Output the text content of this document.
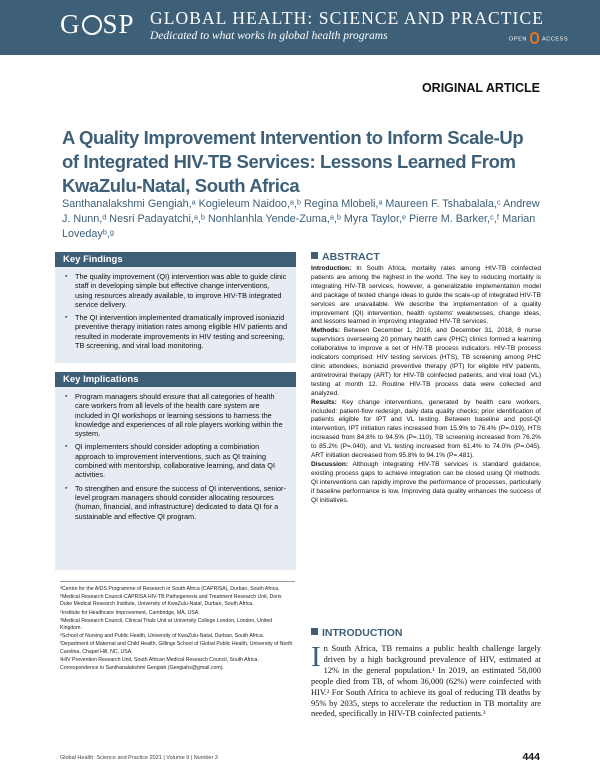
G SP GLOBAL HEALTH: SCIENCE AND PRACTICE
Dedicated to what works in global health programs	OPEN	ACCESS
ORIGINAL ARTICLE
A Quality Improvement Intervention to Inform Scale-Up of Integrated HIV-TB Services: Lessons Learned From KwaZulu-Natal, South Africa
Santhanalakshmi Gengiah,ᵃ Kogieleum Naidoo,ᵃ,ᵇ Regina Mlobeli,ᵃ Maureen F. Tshabalala,ᶜ Andrew J. Nunn,ᵈ Nesri Padayatchi,ᵃ,ᵇ Nonhlanhla Yende-Zuma,ᵃ,ᵇ Myra Taylor,ᵉ Pierre M. Barker,ᶜ,ᶠ Marian Lovedayᵇ,ᵍ
Key Findings
▪ The quality improvement (QI) intervention was able to guide clinic staff in developing simple but effective change interventions, using resources already available, to improve HIV-TB integrated service delivery.
▪ The QI intervention implemented dramatically improved isoniazid preventive therapy initiation rates among eligible HIV patients and resulted in moderate improvements in HIV testing and screening, TB screening, and viral load monitoring.
Key Implications
▪ Program managers should ensure that all categories of health care workers from all levels of the health care system are included in QI workshops or learning sessions to harness the knowledge and experiences of all role players working within the system.
▪ QI implementers should consider adopting a combination approach to improvement interventions, such as QI training combined with mentorship, collaborative learning, and data QI activities.
▪ To strengthen and ensure the success of QI interventions, senior-level program managers should consider allocating resources (human, financial, and infrastructure) dedicated to data QI for a sustainable and effective QI program.

ᵃCentre for the AIDS Programme of Research in South Africa (CAPRISA), Durban, South Africa.

ᵇMedical Research Council-CAPRISA HIV-TB Pathogenesis and Treatment Research Unit, Doris Duke Medical Research Institute, University of KwaZulu-Natal, Durban, South Africa.

ᶜInstitute for Healthcare Improvement, Cambridge, MA, USA.

ᵈMedical Research Council, Clinical Trials Unit at University College London, London, United Kingdom.

ᵉSchool of Nursing and Public Health, University of KwaZulu-Natal, Durban, South Africa.

ᶠDepartment of Maternal and Child Health, Gillings School of Global Public Health, University of North Carolina, Chapel Hill, NC, USA.

ᵍHIV Prevention Research Unit, South African Medical Research Council, South Africa.

Correspondence to Santhanalakshmi Gengiah (Gengiahs@gmail.com).

ABSTRACT

Introduction: In South Africa, mortality rates among HIV-TB coinfected patients are among the highest in the world. The key to reducing mortality is integrating HIV-TB services, however, a generalizable implementation model and package of tested change ideas to guide the scale-up of integrated HIV-TB services are unavailable. We describe the implementation of a quality improvement (QI) intervention, health systems' weaknesses, change ideas, and lessons learned in improving integrated HIV-TB services.

Methods: Between December 1, 2016, and December 31, 2018, 8 nurse supervisors overseeing 20 primary health care (PHC) clinics formed a learning collaborative to improve a set of HIV-TB process indicators. HIV-TB process indicators comprised: HIV testing services (HTS), TB screening among PHC clinic attendees, isoniazid preventive therapy (IPT) for eligible HIV patients, antiretroviral therapy (ART) for HIV-TB coinfected patients, and viral load (VL) testing at month 12. Routine HIV-TB process data were collected and analyzed.

Results: Key change interventions, generated by health care workers, included: patient-flow redesign, daily data quality checks; prior identification of patients eligible for IPT and VL testing. Between baseline and post-QI intervention, IPT initiation rates increased from 15.9% to 76.4% (P=.019), HTS increased from 84.8% to 94.5% (P=.110), TB screening increased from 76.2% to 85.2% (P=.040), and VL testing increased from 61.4% to 74.0% (P=.045). ART initiation decreased from 95.8% to 94.1% (P=.481).

Discussion: Although integrating HIV-TB services is standard guidance, existing process gaps to achieve integration can be closed using QI methods. QI interventions can rapidly improve the performance of processes, particularly if baseline performance is low. Improving data quality enhances the success of QI initiatives.

INTRODUCTION
In South Africa, TB remains a public health challenge largely driven by a high background prevalence of HIV, estimated at 12% in the general population.¹ In 2019, an estimated 58,000 people died from TB, of whom 36,000 (62%) were coinfected with HIV.² For South Africa to achieve its goal of reducing TB deaths by 95% by 2035, steps to accelerate the reduction in TB mortality are needed, specifically in HIV-TB coinfected patients.³
Global Health: Science and Practice 2021 | Volume 9 | Number 3	444
